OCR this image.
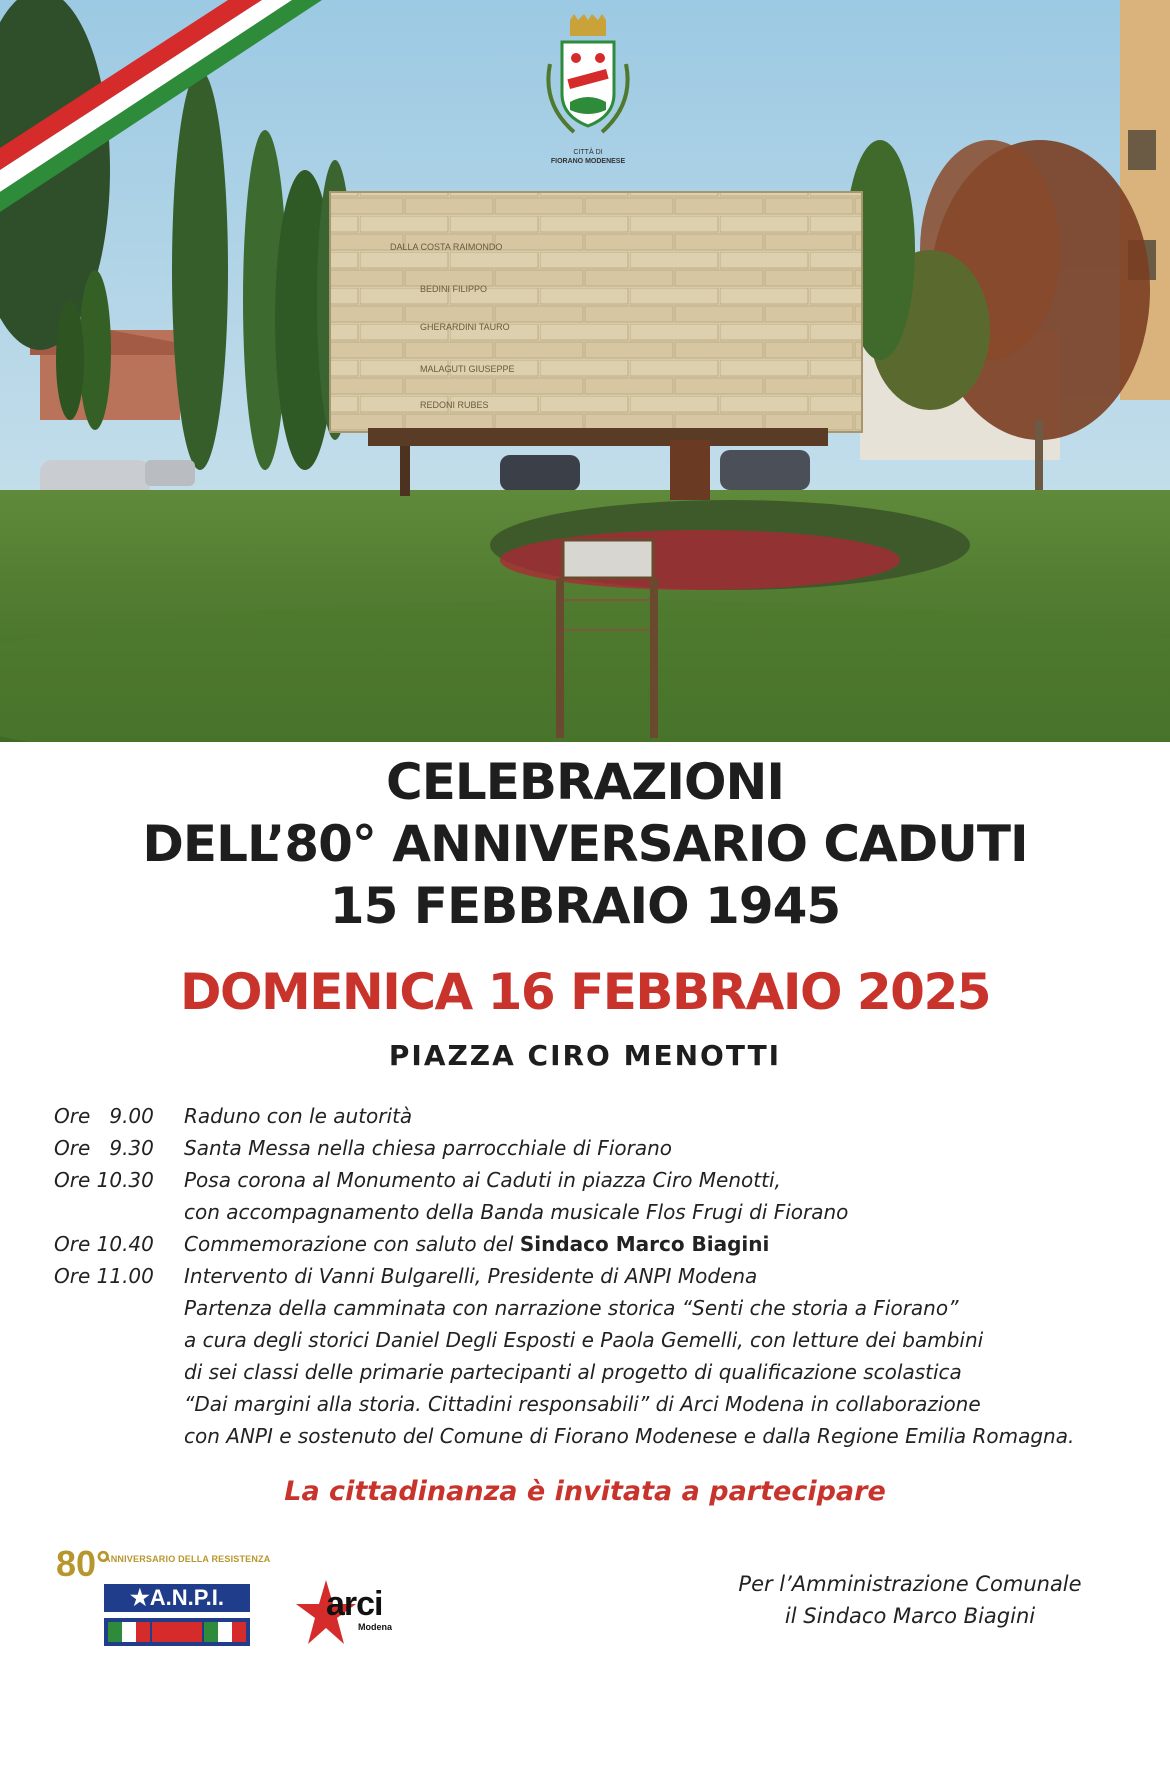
DALLA COSTA RAIMONDO
BEDINI FILIPPO
GHERARDINI TAURO
MALAGUTI GIUSEPPE
REDONI RUBES
CITTÀ DI
FIORANO MODENESE
CELEBRAZIONI
DELL’80° ANNIVERSARIO CADUTI
15 FEBBRAIO 1945
DOMENICA 16 FEBBRAIO 2025
PIAZZA CIRO MENOTTI
Ore   9.00	Raduno con le autorità
Ore   9.30	Santa Messa nella chiesa parrocchiale di Fiorano
Ore 10.30	Posa corona al Monumento ai Caduti in piazza Ciro Menotti,
con accompagnamento della Banda musicale Flos Frugi di Fiorano
Ore 10.40	Commemorazione con saluto del Sindaco Marco Biagini
Ore 11.00	Intervento di Vanni Bulgarelli, Presidente di ANPI Modena
Partenza della camminata con narrazione storica “Senti che storia a Fiorano”
a cura degli storici Daniel Degli Esposti e Paola Gemelli, con letture dei bambini
di sei classi delle primarie partecipanti al progetto di qualificazione scolastica
“Dai margini alla storia. Cittadini responsabili” di Arci Modena in collaborazione
con ANPI e sostenuto del Comune di Fiorano Modenese e dalla Regione Emilia Romagna.
La cittadinanza è invitata a partecipare
80°
ANNIVERSARIO DELLA RESISTENZA
★A.N.P.I.	arci
Modena
Per l’Amministrazione Comunale
il Sindaco Marco Biagini
